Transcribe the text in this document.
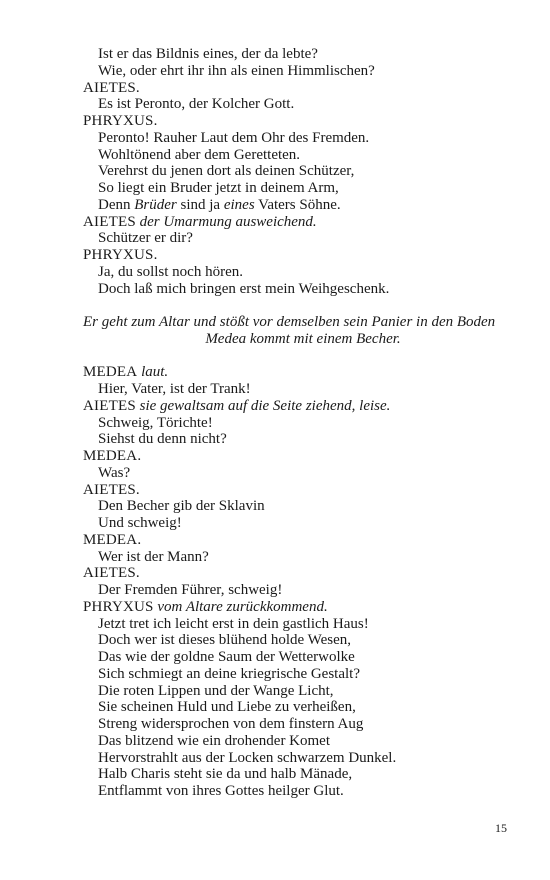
Ist er das Bildnis eines, der da lebte?
Wie, oder ehrt ihr ihn als einen Himmlischen?
AIETES.
Es ist Peronto, der Kolcher Gott.
PHRYXUS.
Peronto! Rauher Laut dem Ohr des Fremden.
Wohltönend aber dem Geretteten.
Verehrst du jenen dort als deinen Schützer,
So liegt ein Bruder jetzt in deinem Arm,
Denn Brüder sind ja eines Vaters Söhne.
AIETES der Umarmung ausweichend.
Schützer er dir?
PHRYXUS.
Ja, du sollst noch hören.
Doch laß mich bringen erst mein Weihgeschenk.
Er geht zum Altar und stößt vor demselben sein Panier in den Boden
Medea kommt mit einem Becher.
MEDEA laut.
Hier, Vater, ist der Trank!
AIETES sie gewaltsam auf die Seite ziehend, leise.
Schweig, Törichte!
Siehst du denn nicht?
MEDEA.
Was?
AIETES.
Den Becher gib der Sklavin
Und schweig!
MEDEA.
Wer ist der Mann?
AIETES.
Der Fremden Führer, schweig!
PHRYXUS vom Altare zurückkommend.
Jetzt tret ich leicht erst in dein gastlich Haus!
Doch wer ist dieses blühend holde Wesen,
Das wie der goldne Saum der Wetterwolke
Sich schmiegt an deine kriegrische Gestalt?
Die roten Lippen und der Wange Licht,
Sie scheinen Huld und Liebe zu verheißen,
Streng widersprochen von dem finstern Aug
Das blitzend wie ein drohender Komet
Hervorstrahlt aus der Locken schwarzem Dunkel.
Halb Charis steht sie da und halb Mänade,
Entflammt von ihres Gottes heilger Glut.
15
